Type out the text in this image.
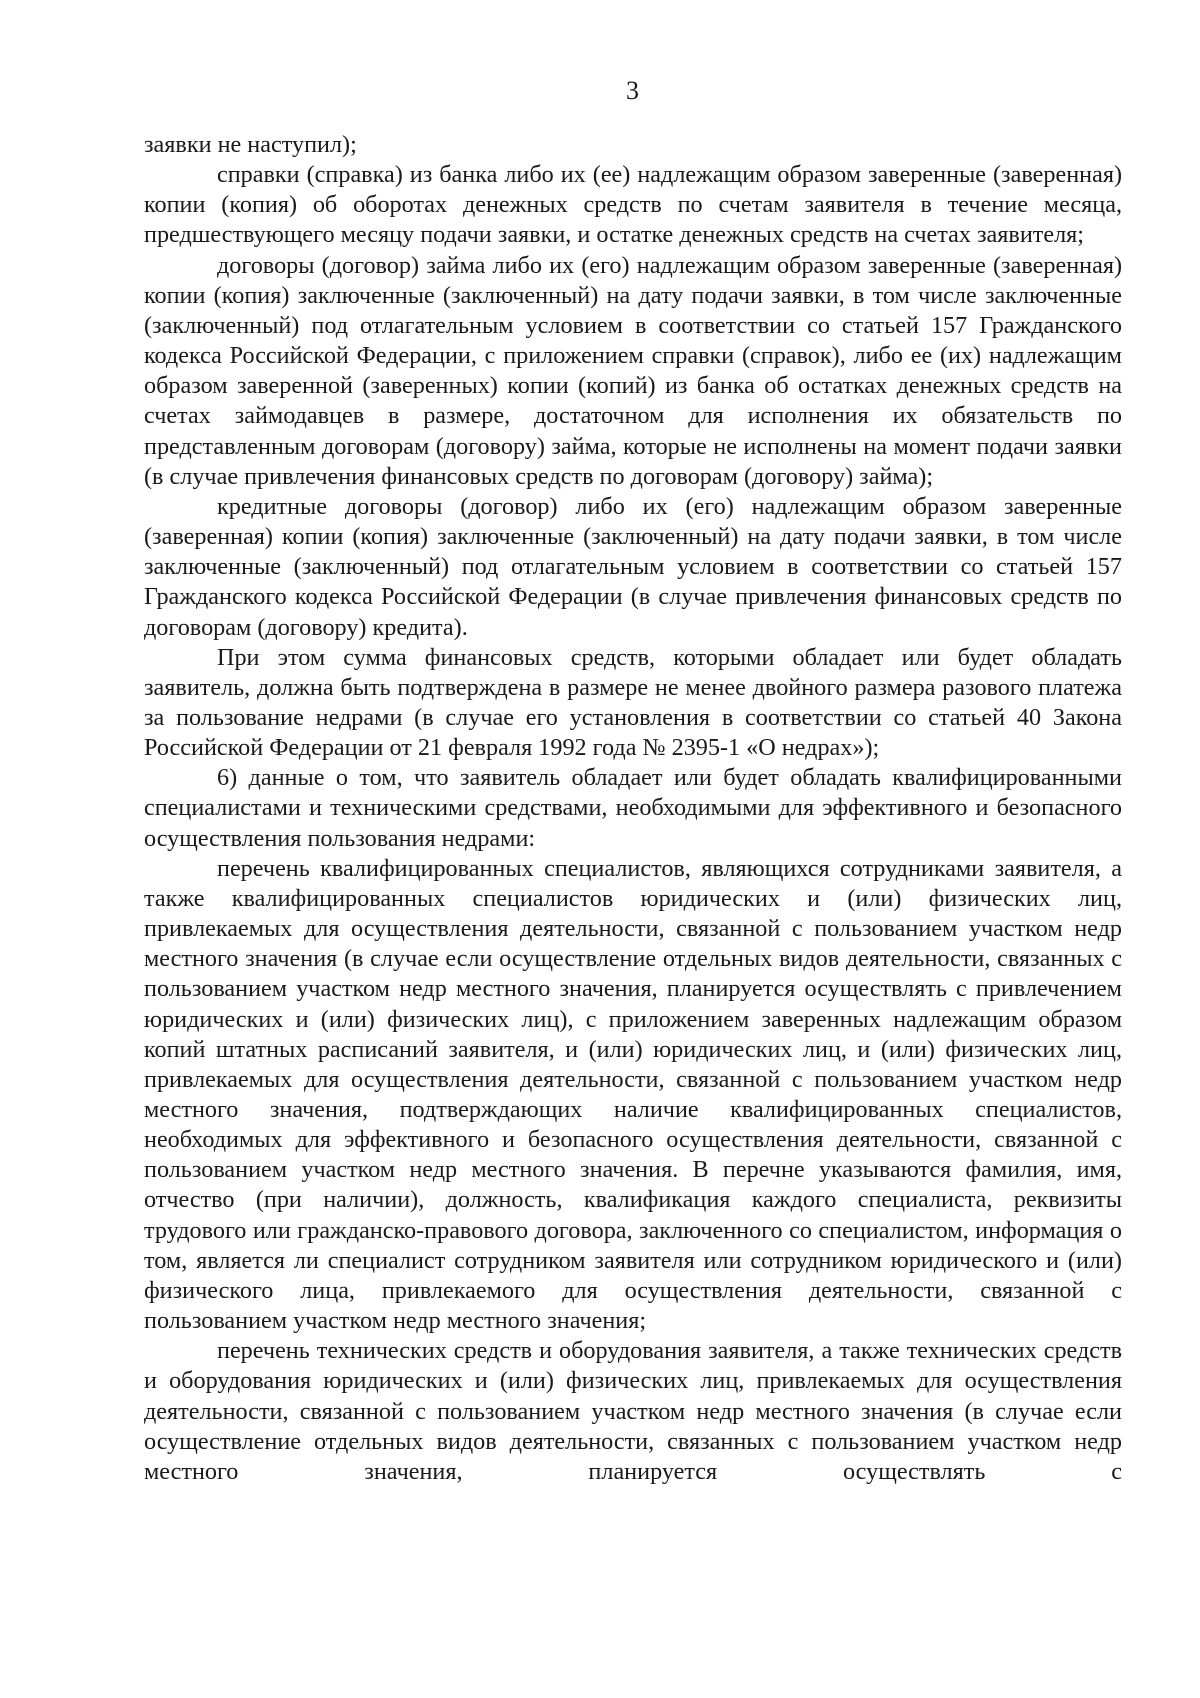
3

заявки не наступил);

справки (справка) из банка либо их (ее) надлежащим образом заверенные (заверенная) копии (копия) об оборотах денежных средств по счетам заявителя в течение месяца, предшествующего месяцу подачи заявки, и остатке денежных средств на счетах заявителя;

договоры (договор) займа либо их (его) надлежащим образом заверенные (заверенная) копии (копия) заключенные (заключенный) на дату подачи заявки, в том числе заключенные (заключенный) под отлагательным условием в соответствии со статьей 157 Гражданского кодекса Российской Федерации, с приложением справки (справок), либо ее (их) надлежащим образом заверенной (заверенных) копии (копий) из банка об остатках денежных средств на счетах займодавцев в размере, достаточном для исполнения их обязательств по представленным договорам (договору) займа, которые не исполнены на момент подачи заявки (в случае привлечения финансовых средств по договорам (договору) займа);

кредитные договоры (договор) либо их (его) надлежащим образом заверенные (заверенная) копии (копия) заключенные (заключенный) на дату подачи заявки, в том числе заключенные (заключенный) под отлагательным условием в соответствии со статьей 157 Гражданского кодекса Российской Федерации (в случае привлечения финансовых средств по договорам (договору) кредита).

При этом сумма финансовых средств, которыми обладает или будет обладать заявитель, должна быть подтверждена в размере не менее двойного размера разового платежа за пользование недрами (в случае его установления в соответствии со статьей 40 Закона Российской Федерации от 21 февраля 1992 года № 2395-1 «О недрах»);

6) данные о том, что заявитель обладает или будет обладать квалифицированными специалистами и техническими средствами, необходимыми для эффективного и безопасного осуществления пользования недрами:

перечень квалифицированных специалистов, являющихся сотрудниками заявителя, а также квалифицированных специалистов юридических и (или) физических лиц, привлекаемых для осуществления деятельности, связанной с пользованием участком недр местного значения (в случае если осуществление отдельных видов деятельности, связанных с пользованием участком недр местного значения, планируется осуществлять с привлечением юридических и (или) физических лиц), с приложением заверенных надлежащим образом копий штатных расписаний заявителя, и (или) юридических лиц, и (или) физических лиц, привлекаемых для осуществления деятельности, связанной с пользованием участком недр местного значения, подтверждающих наличие квалифицированных специалистов, необходимых для эффективного и безопасного осуществления деятельности, связанной с пользованием участком недр местного значения. В перечне указываются фамилия, имя, отчество (при наличии), должность, квалификация каждого специалиста, реквизиты трудового или гражданско-правового договора, заключенного со специалистом, информация о том, является ли специалист сотрудником заявителя или сотрудником юридического и (или) физического лица, привлекаемого для осуществления деятельности, связанной с пользованием участком недр местного значения;

перечень технических средств и оборудования заявителя, а также технических средств и оборудования юридических и (или) физических лиц, привлекаемых для осуществления деятельности, связанной с пользованием участком недр местного значения (в случае если осуществление отдельных видов деятельности, связанных с пользованием участком недр местного значения, планируется осуществлять с
